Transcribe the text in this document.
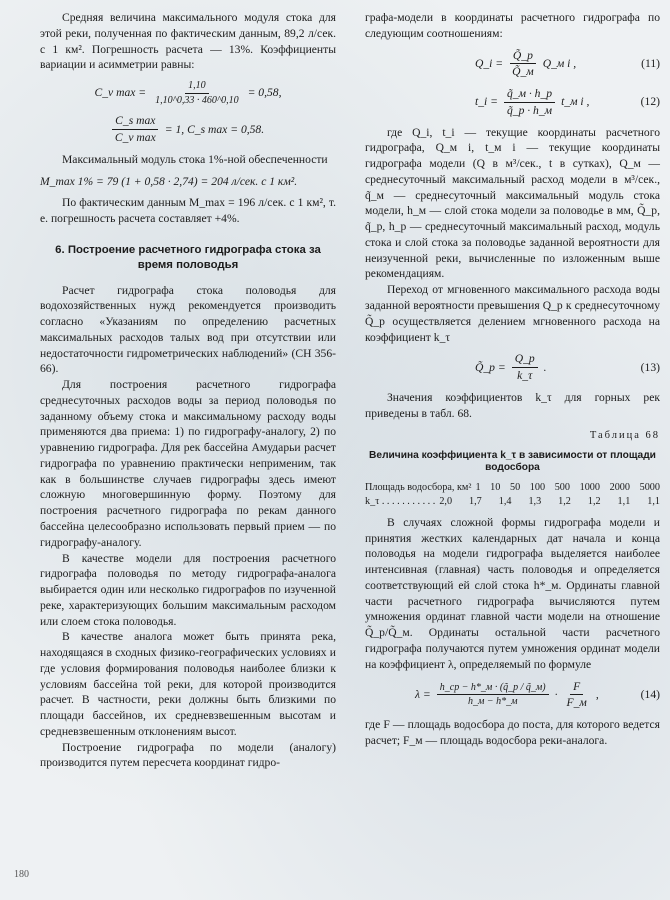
Средняя величина максимального модуля стока для этой реки, полученная по фактическим данным, 89,2 л/сек. с 1 км². Погрешность расчета — 13%. Коэффициенты вариации и асимметрии равны:

C_v $\max = \frac{1,10}{1,10\^{}0,33 \cdot 460\^{}0,10} = 0,58$,
$\frac{\text{C\_s max}}{\text{C\_v max}} = 1$, C_s max = 0,58.

Максимальный модуль стока 1%-ной обеспеченности

M_max 1% = 79 (1 + 0,58 · 2,74) = 204 л/сек. с 1 км².

По фактическим данным M_max = 196 л/сек. с 1 км², т. е. погрешность расчета составляет +4%.

6. Построение расчетного гидрографа стока за время половодья

Расчет гидрографа стока половодья для водохозяйственных нужд рекомендуется производить согласно «Указаниям по определению расчетных максимальных расходов талых вод при отсутствии или недостаточности гидрометрических наблюдений» (СН 356-66).

Для построения расчетного гидрографа среднесуточных расходов воды за период половодья по заданному объему стока и максимальному расходу воды применяются два приема: 1) по гидрографу-аналогу, 2) по уравнению гидрографа. Для рек бассейна Амударьи расчет гидрографа по уравнению практически неприменим, так как в большинстве случаев гидрографы здесь имеют сложную многовершинную форму. Поэтому для построения расчетного гидрографа по рекам данного бассейна целесообразно использовать первый прием — по гидрографу-аналогу.

В качестве модели для построения расчетного гидрографа половодья по методу гидрографа-аналога выбирается один или несколько гидрографов по изученной реке, характеризующих большим максимальным расходом или слоем стока половодья.

В качестве аналога может быть принята река, находящаяся в сходных физико-географических условиях и где условия формирования половодья наиболее близки к условиям бассейна той реки, для которой производится расчет. В частности, реки должны быть близкими по площади бассейнов, их средневзвешенным высотам и средневзвешенным отклонениям высот.

Построение гидрографа по модели (аналогу) производится путем пересчета координат гидро-

графа-модели в координаты расчетного гидрографа по следующим соотношениям:

Q_i = $\frac{Q̃\_p}{Q̃\_м}$ Q_м i ,	(11)
t_i = $\frac{q̃\_м \cdot h\_p}{q̃\_p \cdot h\_м}$ t_м i ,	(12)

где Q_i, t_i — текущие координаты расчетного гидрографа, Q_м i, t_м i — текущие координаты гидрографа модели (Q в м³/сек., t в сутках), Q_м — среднесуточный максимальный расход модели в м³/сек., q̃_м — среднесуточный максимальный модуль стока модели, h_м — слой стока модели за половодье в мм, Q̃_p, q̃_p, h_p — среднесуточный максимальный расход, модуль стока и слой стока за половодье заданной вероятности для неизученной реки, вычисленные по изложенным выше рекомендациям.

Переход от мгновенного максимального расхода воды заданной вероятности превышения Q_p к среднесуточному Q̃_p осуществляется делением мгновенного расхода на коэффициент k_τ

Q̃_p = $\frac{Q\_p}{k\_\tau}$ .	(13)

Значения коэффициентов k_τ для горных рек приведены в табл. 68.

Таблица 68
Величина коэффициента k_τ в зависимости от площади водосбора
Площадь водосбора, км² 1 10 50 100 500 1000 2000 5000
k_τ . . . . . . . . . . . 2,0 1,7 1,4 1,3 1,2 1,2 1,1 1,1

В случаях сложной формы гидрографа модели и принятия жестких календарных дат начала и конца половодья на модели гидрографа выделяется наиболее интенсивная (главная) часть половодья и определяется соответствующий ей слой стока h*_м. Ординаты главной части расчетного гидрографа вычисляются путем умножения ординат главной части модели на отношение Q̃_p/Q̃_м. Ординаты остальной части расчетного гидрографа получаются путем умножения ординат модели на коэффициент λ, определяемый по формуле

$\lambda = \frac{h\_ср - h*\_м \cdot (q̃\_p / q̃\_м)}{h\_м - h*\_м} \cdot \frac{F}{F\_м}$ ,	(14)

где F — площадь водосбора до поста, для которого ведется расчет; F_м — площадь водосбора реки-аналога.

180
